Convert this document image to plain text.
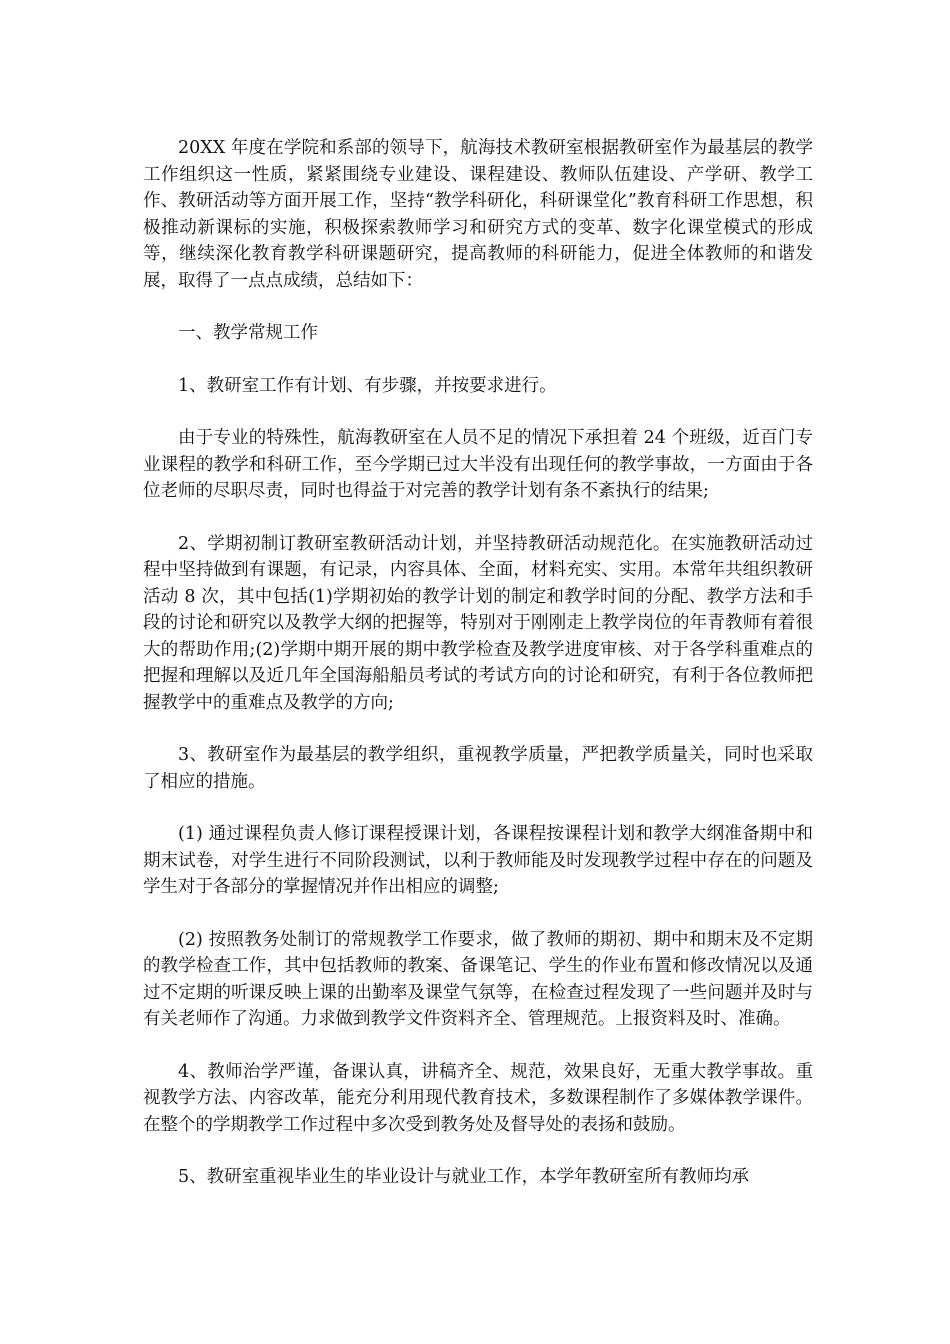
20XX 年度在学院和系部的领导下，航海技术教研室根据教研室作为最基层的教学工作组织这一性质，紧紧围绕专业建设、课程建设、教师队伍建设、产学研、教学工作、教研活动等方面开展工作，坚持“教学科研化，科研课堂化”教育科研工作思想，积极推动新课标的实施，积极探索教师学习和研究方式的变革、数字化课堂模式的形成等，继续深化教育教学科研课题研究，提高教师的科研能力，促进全体教师的和谐发展，取得了一点点成绩，总结如下：

一、教学常规工作

1、教研室工作有计划、有步骤，并按要求进行。

由于专业的特殊性，航海教研室在人员不足的情况下承担着 24 个班级，近百门专业课程的教学和科研工作，至今学期已过大半没有出现任何的教学事故，一方面由于各位老师的尽职尽责，同时也得益于对完善的教学计划有条不紊执行的结果;

2、学期初制订教研室教研活动计划，并坚持教研活动规范化。在实施教研活动过程中坚持做到有课题，有记录，内容具体、全面，材料充实、实用。本常年共组织教研活动 8 次，其中包括(1)学期初始的教学计划的制定和教学时间的分配、教学方法和手段的讨论和研究以及教学大纲的把握等，特别对于刚刚走上教学岗位的年青教师有着很大的帮助作用;(2)学期中期开展的期中教学检查及教学进度审核、对于各学科重难点的把握和理解以及近几年全国海船船员考试的考试方向的讨论和研究，有利于各位教师把握教学中的重难点及教学的方向;

3、教研室作为最基层的教学组织，重视教学质量，严把教学质量关，同时也采取了相应的措施。

(1) 通过课程负责人修订课程授课计划，各课程按课程计划和教学大纲准备期中和期末试卷，对学生进行不同阶段测试，以利于教师能及时发现教学过程中存在的问题及学生对于各部分的掌握情况并作出相应的调整;

(2) 按照教务处制订的常规教学工作要求，做了教师的期初、期中和期末及不定期的教学检查工作，其中包括教师的教案、备课笔记、学生的作业布置和修改情况以及通过不定期的听课反映上课的出勤率及课堂气氛等，在检查过程发现了一些问题并及时与有关老师作了沟通。力求做到教学文件资料齐全、管理规范。上报资料及时、准确。

4、教师治学严谨，备课认真，讲稿齐全、规范，效果良好，无重大教学事故。重视教学方法、内容改革，能充分利用现代教育技术，多数课程制作了多媒体教学课件。在整个的学期教学工作过程中多次受到教务处及督导处的表扬和鼓励。

5、教研室重视毕业生的毕业设计与就业工作，本学年教研室所有教师均承
